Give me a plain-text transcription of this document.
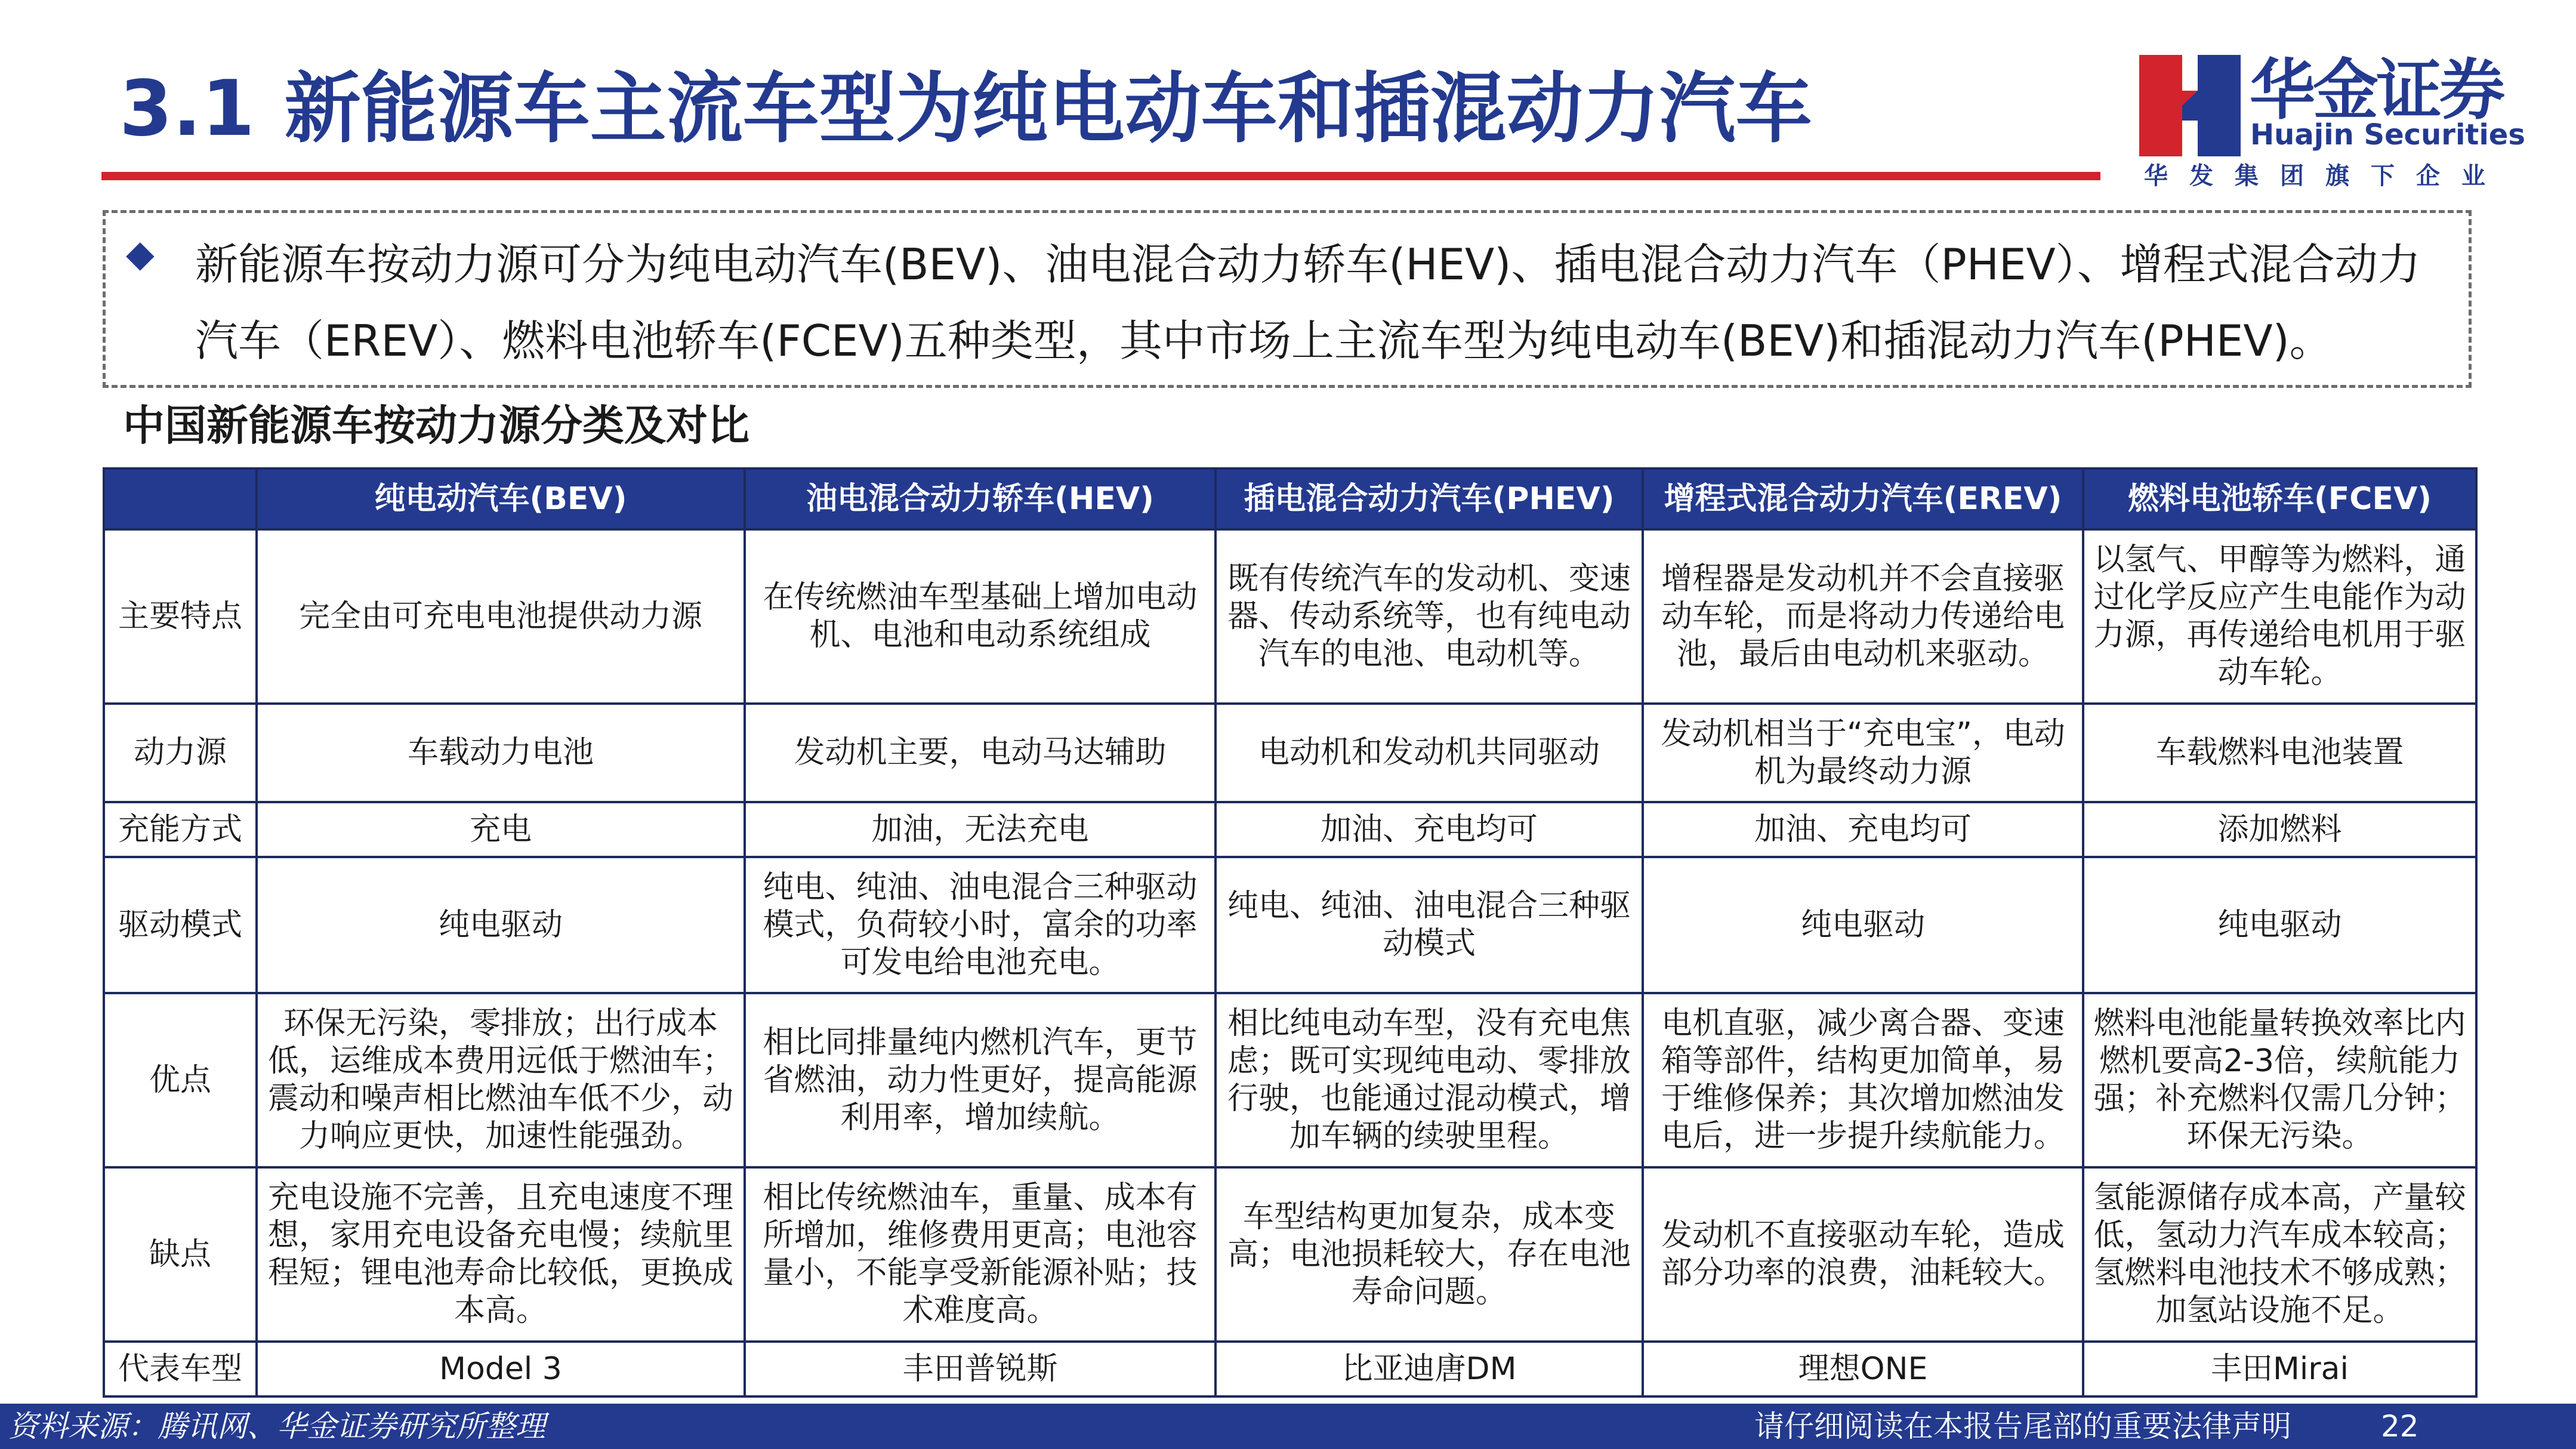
3.1 新能源车主流车型为纯电动车和插混动力汽车	华金证券
Huajin Securities
华发集团旗下企业
◆ 新能源车按动力源可分为纯电动汽车(BEV)、油电混合动力轿车(HEV)、插电混合动力汽车（PHEV）、增程式混合动力汽车（EREV）、燃料电池轿车(FCEV)五种类型，其中市场上主流车型为纯电动车(BEV)和插混动力汽车(PHEV)。

中国新能源车按动力源分类及对比
	纯电动汽车(BEV)	油电混合动力轿车(HEV)	插电混合动力汽车(PHEV)	增程式混合动力汽车(EREV)	燃料电池轿车(FCEV)
主要特点	完全由可充电电池提供动力源	在传统燃油车型基础上增加电动机、电池和电动系统组成	既有传统汽车的发动机、变速器、传动系统等，也有纯电动汽车的电池、电动机等。	增程器是发动机并不会直接驱动车轮，而是将动力传递给电池，最后由电动机来驱动。	以氢气、甲醇等为燃料，通过化学反应产生电能作为动力源，再传递给电机用于驱动车轮。
动力源	车载动力电池	发动机主要，电动马达辅助	电动机和发动机共同驱动	发动机相当于“充电宝”，电动机为最终动力源	车载燃料电池装置
充能方式	充电	加油，无法充电	加油、充电均可	加油、充电均可	添加燃料
驱动模式	纯电驱动	纯电、纯油、油电混合三种驱动模式，负荷较小时，富余的功率可发电给电池充电。	纯电、纯油、油电混合三种驱动模式	纯电驱动	纯电驱动
优点	环保无污染，零排放；出行成本低，运维成本费用远低于燃油车；震动和噪声相比燃油车低不少，动力响应更快，加速性能强劲。	相比同排量纯内燃机汽车，更节省燃油，动力性更好，提高能源利用率，增加续航。	相比纯电动车型，没有充电焦虑；既可实现纯电动、零排放行驶，也能通过混动模式，增加车辆的续驶里程。	电机直驱，减少离合器、变速箱等部件，结构更加简单，易于维修保养；其次增加燃油发电后，进一步提升续航能力。	燃料电池能量转换效率比内燃机要高2-3倍，续航能力强；补充燃料仅需几分钟；环保无污染。
缺点	充电设施不完善，且充电速度不理想，家用充电设备充电慢；续航里程短；锂电池寿命比较低，更换成本高。	相比传统燃油车，重量、成本有所增加，维修费用更高；电池容量小，不能享受新能源补贴；技术难度高。	车型结构更加复杂，成本变高；电池损耗较大，存在电池寿命问题。	发动机不直接驱动车轮，造成部分功率的浪费，油耗较大。	氢能源储存成本高，产量较低，氢动力汽车成本较高；氢燃料电池技术不够成熟；加氢站设施不足。
代表车型	Model 3	丰田普锐斯	比亚迪唐DM	理想ONE	丰田Mirai
资料来源：腾讯网、华金证券研究所整理	请仔细阅读在本报告尾部的重要法律声明	22
